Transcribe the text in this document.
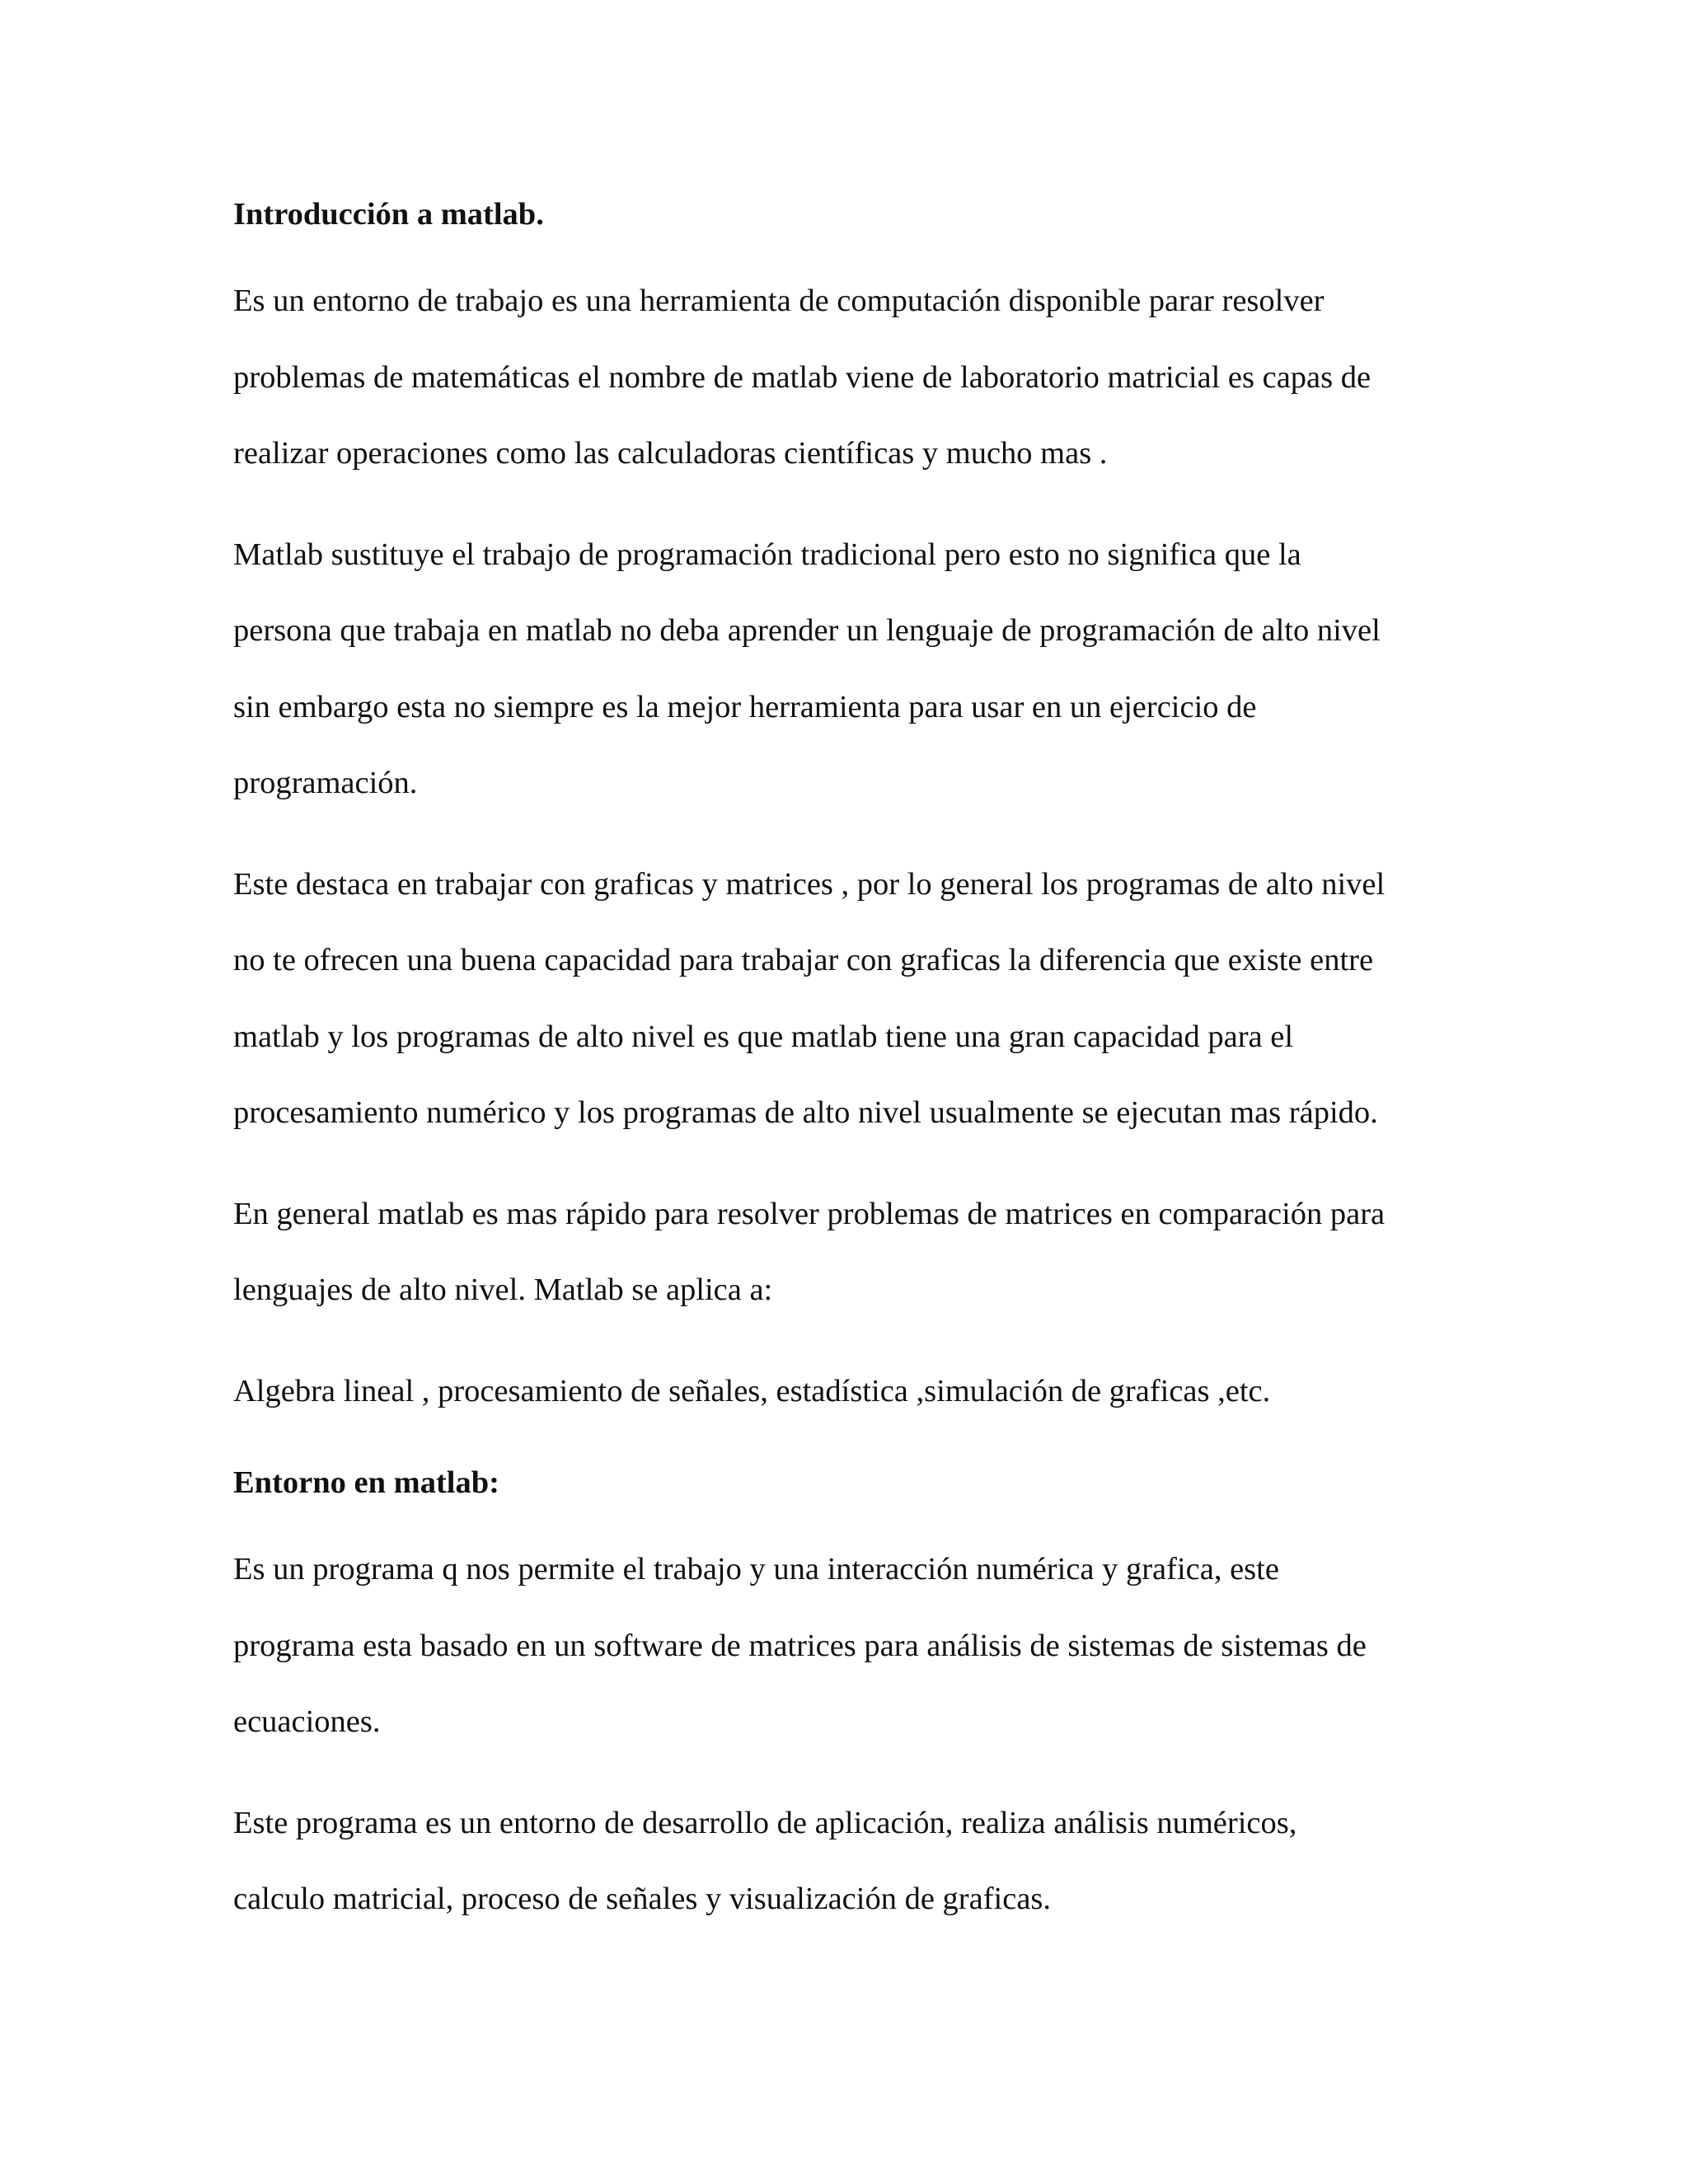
Introducción a matlab.

Es un entorno de trabajo es una herramienta de computación disponible parar resolver
problemas de matemáticas el nombre de matlab viene de laboratorio matricial es capas de
realizar operaciones como las calculadoras científicas y mucho mas .

Matlab sustituye el trabajo de programación tradicional pero esto no significa que la
persona que trabaja en matlab no deba aprender un lenguaje de programación de alto nivel
sin embargo esta no siempre es la mejor herramienta para usar en un ejercicio de
programación.

Este destaca en trabajar con graficas y matrices , por lo general los programas de alto nivel
no te ofrecen una buena capacidad para trabajar con graficas la diferencia que existe entre
matlab y los programas de alto nivel es que matlab tiene una gran capacidad para el
procesamiento numérico y los programas de alto nivel usualmente se ejecutan mas rápido.

En general matlab es mas rápido para resolver problemas de matrices en comparación para
lenguajes de alto nivel. Matlab se aplica a:

Algebra lineal , procesamiento de señales, estadística ,simulación de graficas ,etc.

Entorno en matlab:

Es un programa q nos permite el trabajo y una interacción numérica y grafica, este
programa esta basado en un software de matrices para análisis de sistemas de sistemas de
ecuaciones.

Este programa es un entorno de desarrollo de aplicación, realiza análisis numéricos,
calculo matricial, proceso de señales y visualización de graficas.
